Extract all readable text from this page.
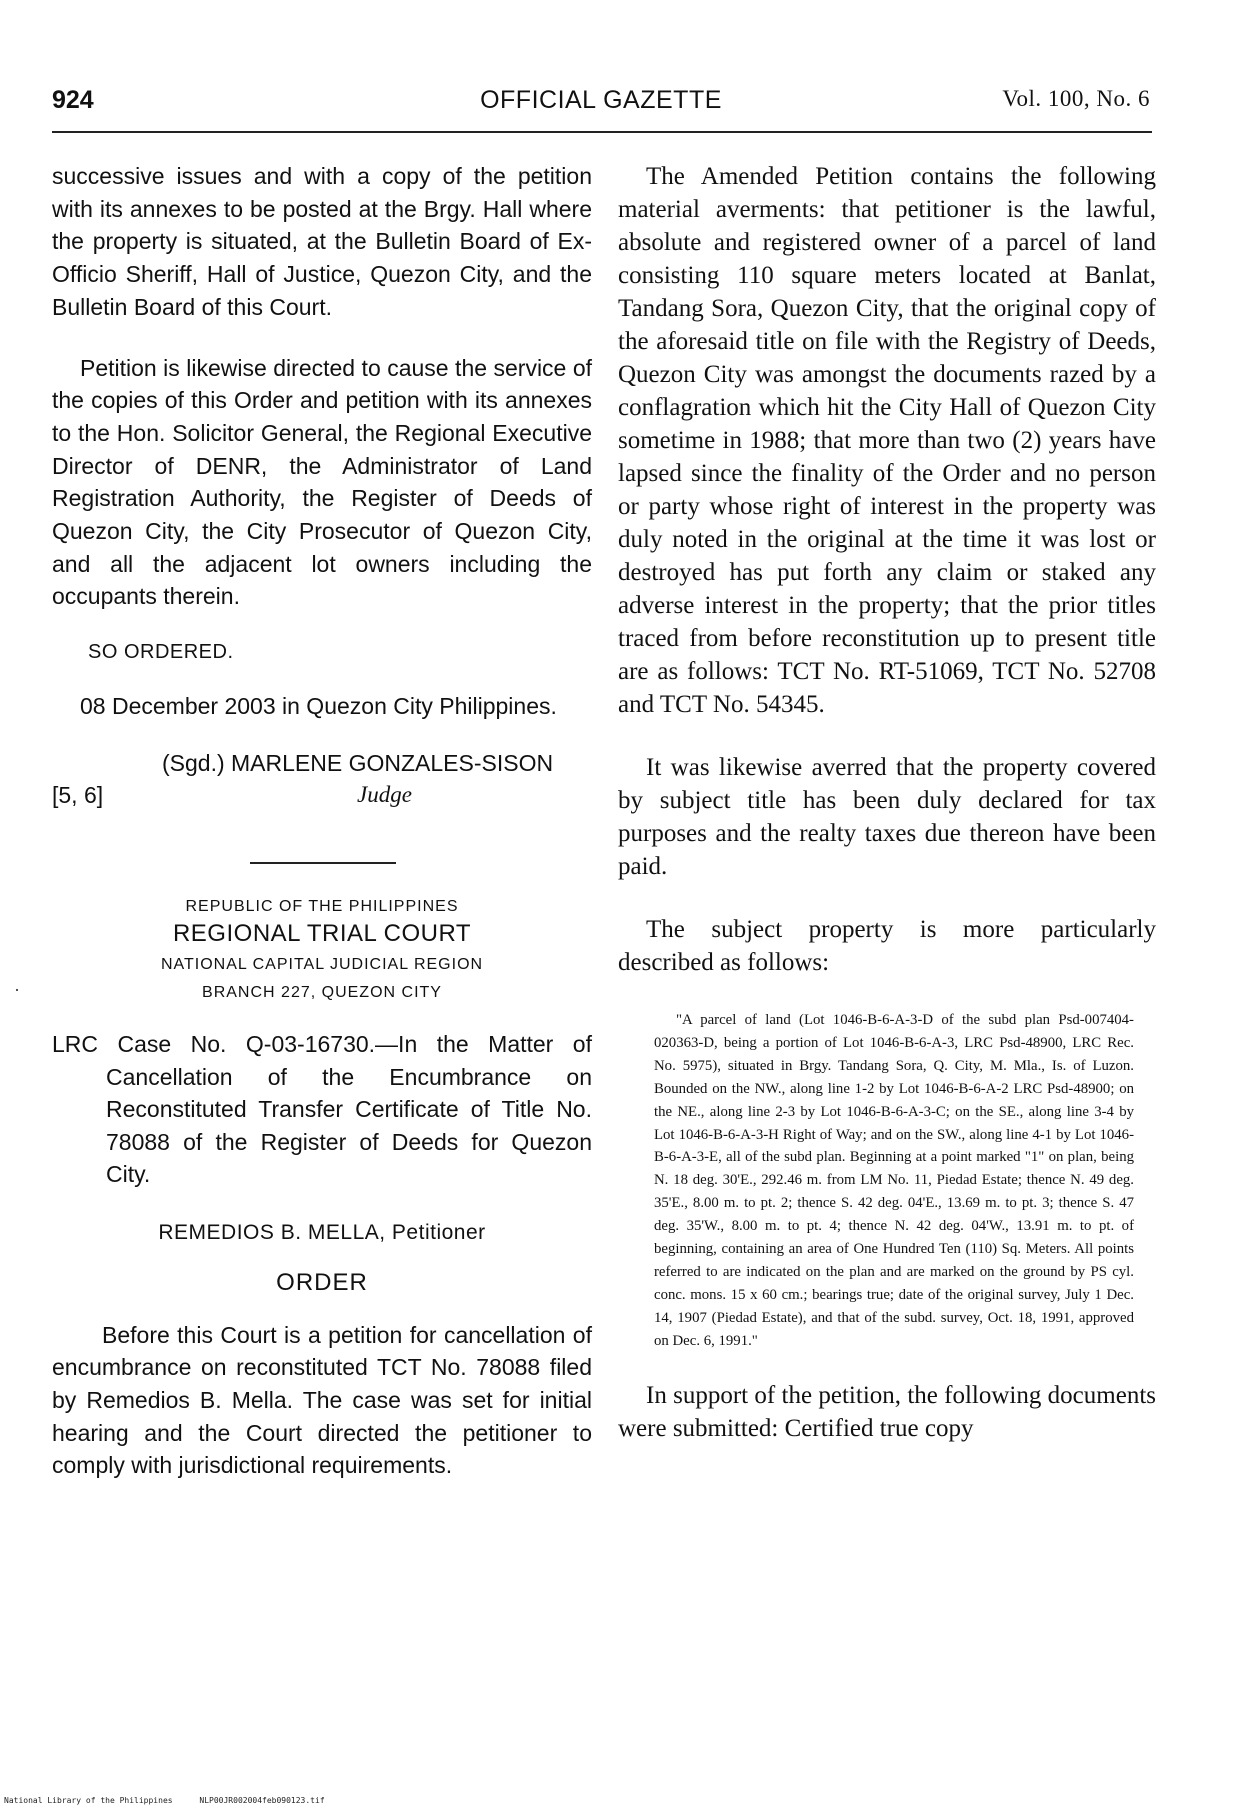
924	OFFICIAL GAZETTE	Vol. 100, No. 6

successive issues and with a copy of the petition with its annexes to be posted at the Brgy. Hall where the property is situated, at the Bulletin Board of Ex-Officio Sheriff, Hall of Justice, Quezon City, and the Bulletin Board of this Court.

Petition is likewise directed to cause the service of the copies of this Order and petition with its annexes to the Hon. Solicitor General, the Regional Executive Director of DENR, the Administrator of Land Registration Authority, the Register of Deeds of Quezon City, the City Prosecutor of Quezon City, and all the adjacent lot owners including the occupants therein.

SO ORDERED.

08 December 2003 in Quezon City Philippines.

(Sgd.) MARLENE GONZALES-SISON
[5, 6]	Judge

REPUBLIC OF THE PHILIPPINES

REGIONAL TRIAL COURT

NATIONAL CAPITAL JUDICIAL REGION

BRANCH 227, QUEZON CITY

LRC Case No. Q-03-16730.—In the Matter of Cancellation of the Encumbrance on Reconstituted Transfer Certificate of Title No. 78088 of the Register of Deeds for Quezon City.

REMEDIOS B. MELLA, Petitioner

ORDER

Before this Court is a petition for cancellation of encumbrance on reconstituted TCT No. 78088 filed by Remedios B. Mella. The case was set for initial hearing and the Court directed the petitioner to comply with jurisdictional requirements.

The Amended Petition contains the following material averments: that petitioner is the lawful, absolute and registered owner of a parcel of land consisting 110 square meters located at Banlat, Tandang Sora, Quezon City, that the original copy of the aforesaid title on file with the Registry of Deeds, Quezon City was amongst the documents razed by a conflagration which hit the City Hall of Quezon City sometime in 1988; that more than two (2) years have lapsed since the finality of the Order and no person or party whose right of interest in the property was duly noted in the original at the time it was lost or destroyed has put forth any claim or staked any adverse interest in the property; that the prior titles traced from before reconstitution up to present title are as follows: TCT No. RT-51069, TCT No. 52708 and TCT No. 54345.

It was likewise averred that the property covered by subject title has been duly declared for tax purposes and the realty taxes due thereon have been paid.

The subject property is more particularly described as follows:

"A parcel of land (Lot 1046-B-6-A-3-D of the subd plan Psd-007404-020363-D, being a portion of Lot 1046-B-6-A-3, LRC Psd-48900, LRC Rec. No. 5975), situated in Brgy. Tandang Sora, Q. City, M. Mla., Is. of Luzon. Bounded on the NW., along line 1-2 by Lot 1046-B-6-A-2 LRC Psd-48900; on the NE., along line 2-3 by Lot 1046-B-6-A-3-C; on the SE., along line 3-4 by Lot 1046-B-6-A-3-H Right of Way; and on the SW., along line 4-1 by Lot 1046-B-6-A-3-E, all of the subd plan. Beginning at a point marked "1" on plan, being N. 18 deg. 30'E., 292.46 m. from LM No. 11, Piedad Estate; thence N. 49 deg. 35'E., 8.00 m. to pt. 2; thence S. 42 deg. 04'E., 13.69 m. to pt. 3; thence S. 47 deg. 35'W., 8.00 m. to pt. 4; thence N. 42 deg. 04'W., 13.91 m. to pt. of beginning, containing an area of One Hundred Ten (110) Sq. Meters. All points referred to are indicated on the plan and are marked on the ground by PS cyl. conc. mons. 15 x 60 cm.; bearings true; date of the original survey, July 1 Dec. 14, 1907 (Piedad Estate), and that of the subd. survey, Oct. 18, 1991, approved on Dec. 6, 1991."

In support of the petition, the following documents were submitted: Certified true copy

·
National Library of the Philippines	NLP00JR002004feb090123.tif
